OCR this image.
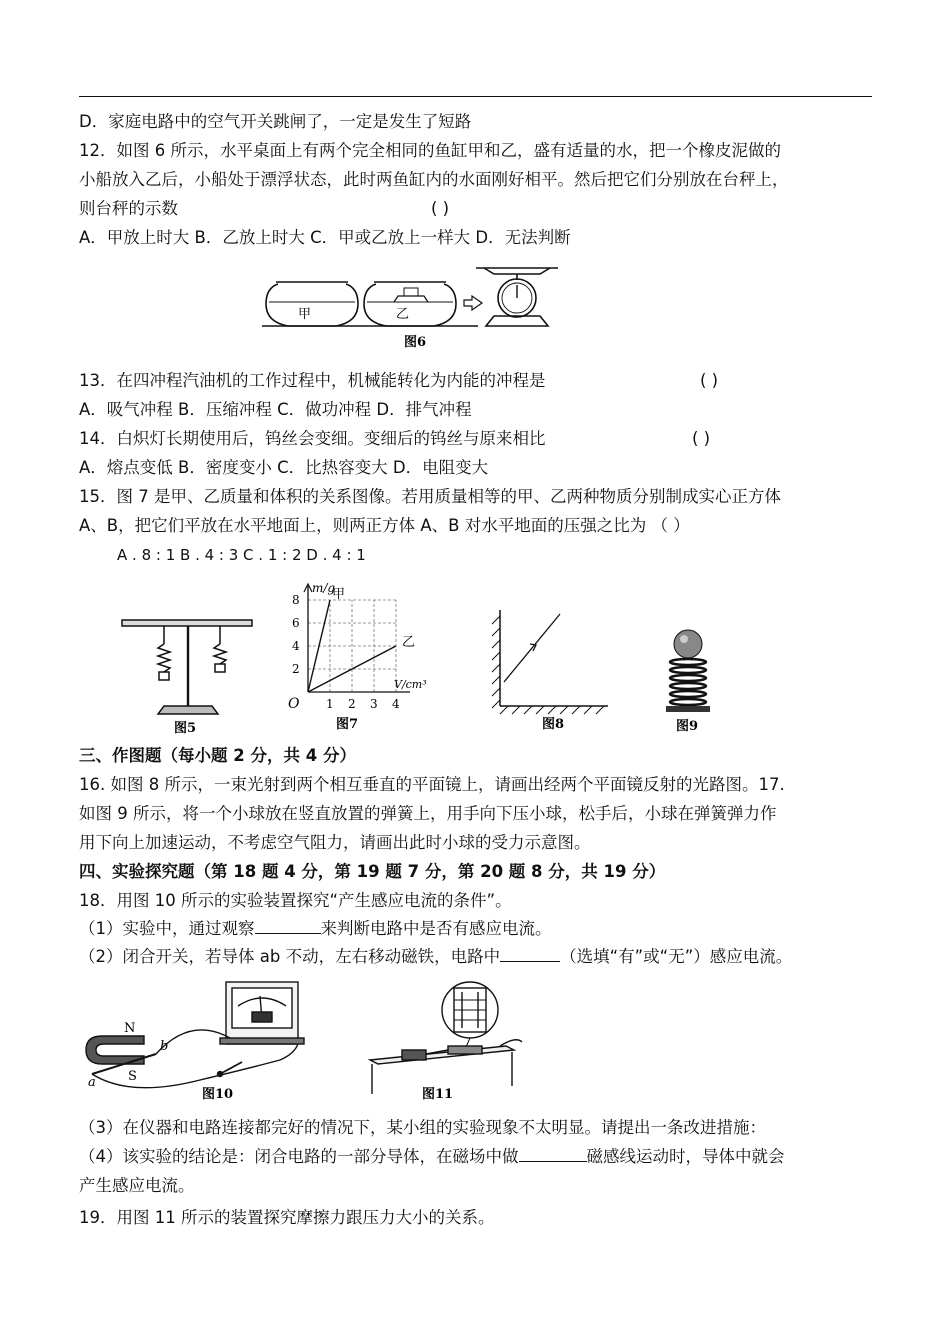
D．家庭电路中的空气开关跳闸了，一定是发生了短路
12．如图 6 所示，水平桌面上有两个完全相同的鱼缸甲和乙，盛有适量的水，把一个橡皮泥做的
小船放入乙后，小船处于漂浮状态，此时两鱼缸内的水面刚好相平。然后把它们分别放在台秤上，
则台秤的示数	( )
A．甲放上时大 B．乙放上时大 C．甲或乙放上一样大 D．无法判断
甲	乙
图6
13．在四冲程汽油机的工作过程中，机械能转化为内能的冲程是	( )
A．吸气冲程 B．压缩冲程 C．做功冲程 D．排气冲程
14．白炽灯长期使用后，钨丝会变细。变细后的钨丝与原来相比	( )
A．熔点变低 B．密度变小 C．比热容变大 D．电阻变大
15．图 7 是甲、乙质量和体积的关系图像。若用质量相等的甲、乙两种物质分别制成实心正方体
A、B，把它们平放在水平地面上，则两正方体 A、B 对水平地面的压强之比为 （ ）
A . 8 : 1 B . 4 : 3 C . 1 : 2 D . 4 : 1
图5
1 2 3 4
2
4
6
8 甲
乙
m/g
V/cm³
O
图7	图8	图9
三、作图题（每小题 2 分，共 4 分）
16. 如图 8 所示，一束光射到两个相互垂直的平面镜上，请画出经两个平面镜反射的光路图。17.
如图 9 所示，将一个小球放在竖直放置的弹簧上，用手向下压小球，松手后，小球在弹簧弹力作
用下向上加速运动，不考虑空气阻力，请画出此时小球的受力示意图。
四、实验探究题（第 18 题 4 分，第 19 题 7 分，第 20 题 8 分，共 19 分）
18．用图 10 所示的实验装置探究“产生感应电流的条件”。
（1）实验中，通过观察	来判断电路中是否有感应电流。
（2）闭合开关，若导体 ab 不动，左右移动磁铁，电路中	（选填“有”或“无”）感应电流。
N
S
a
b
图10	图11
（3）在仪器和电路连接都完好的情况下，某小组的实验现象不太明显。请提出一条改进措施：
（4）该实验的结论是：闭合电路的一部分导体，在磁场中做	磁感线运动时，导体中就会
产生感应电流。
19．用图 11 所示的装置探究摩擦力跟压力大小的关系。
